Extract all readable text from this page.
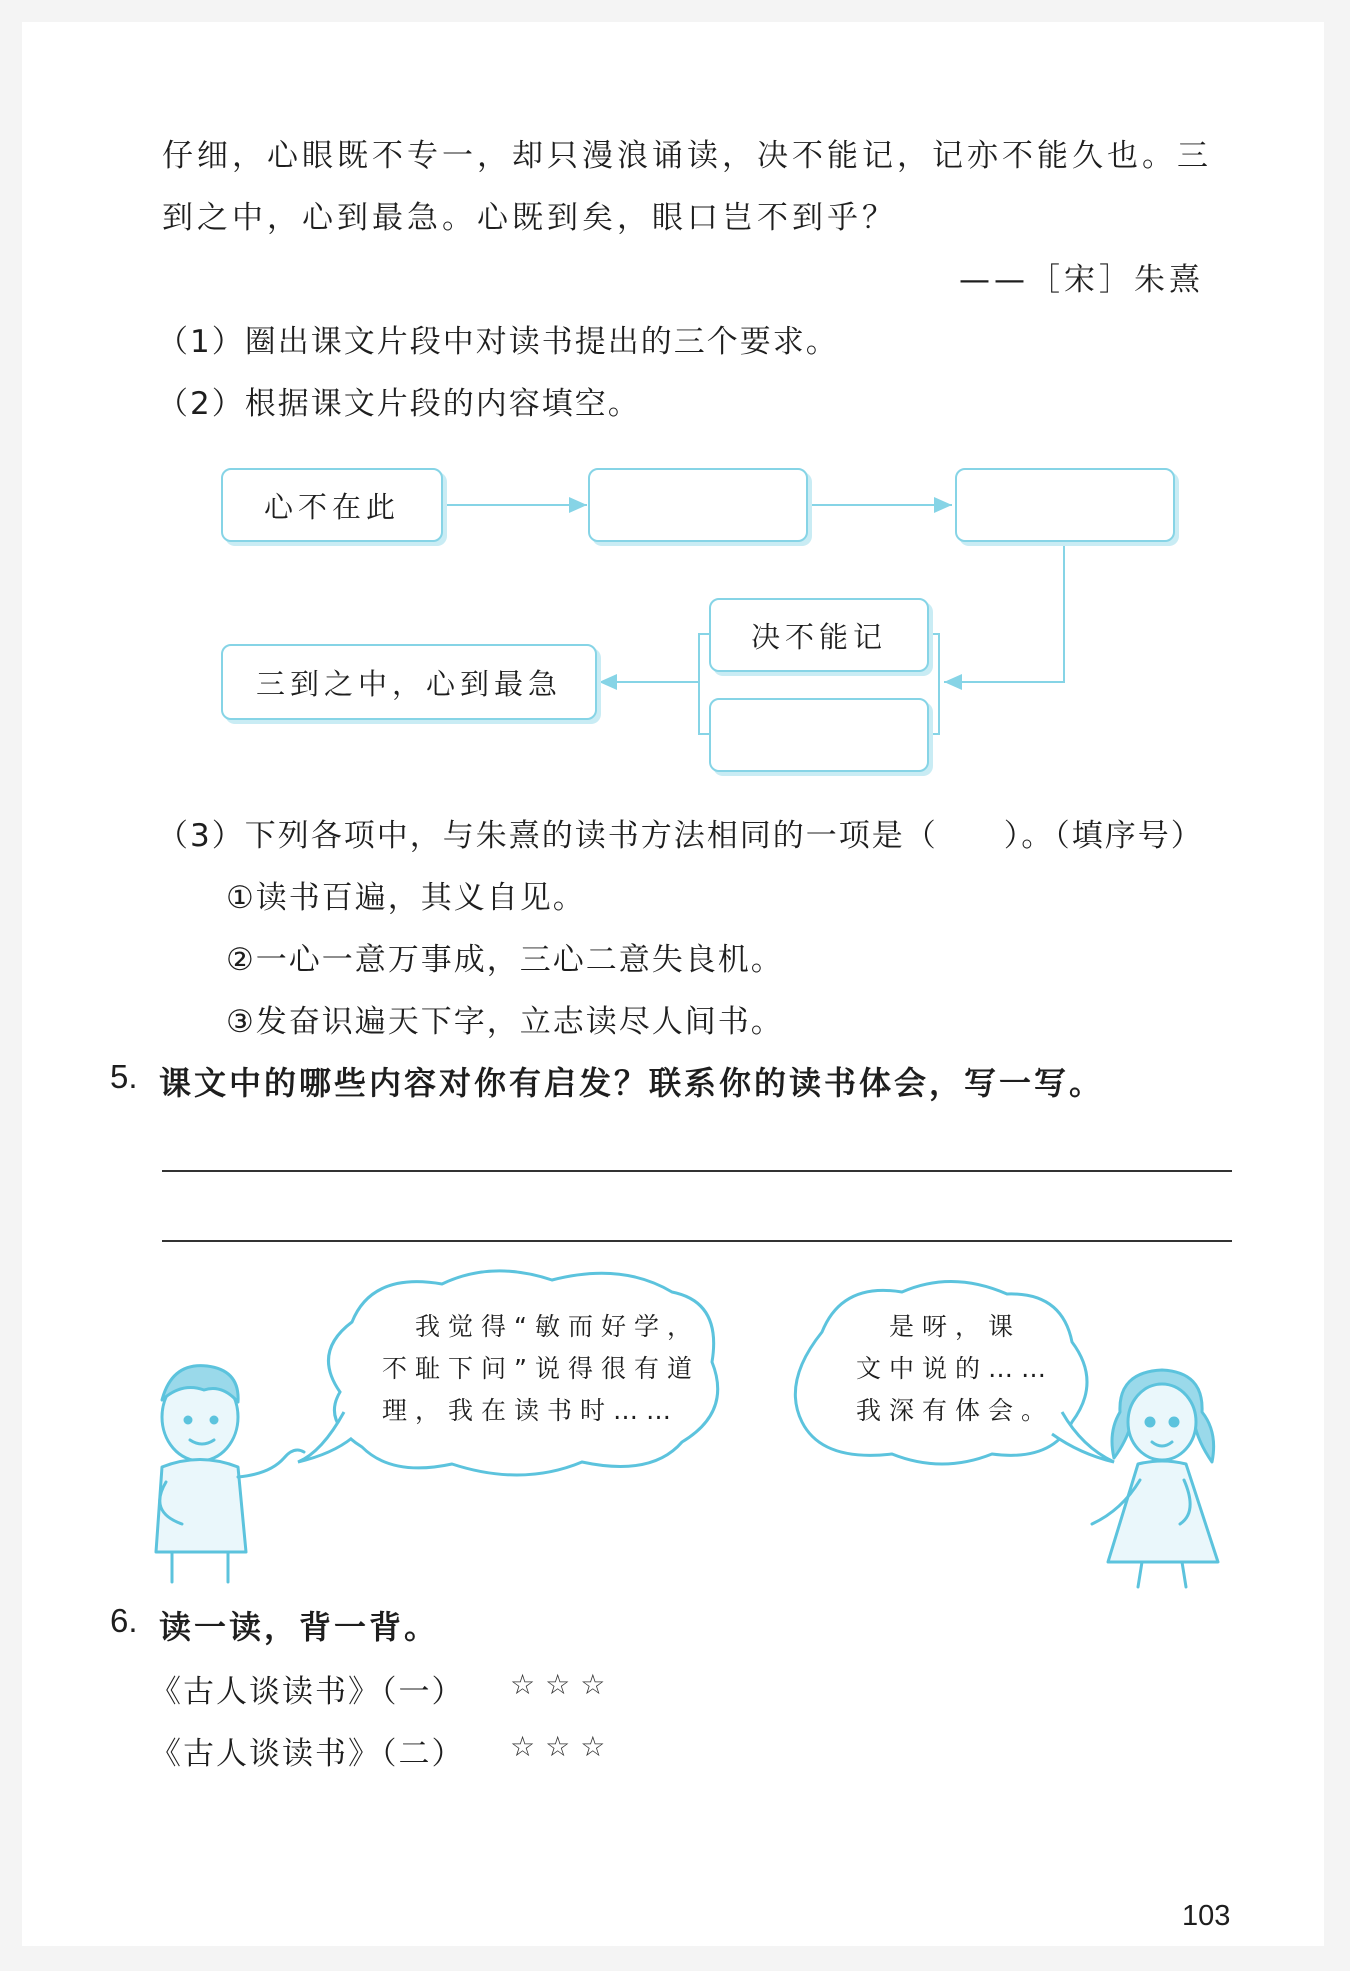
仔细，心眼既不专一，却只漫浪诵读，决不能记，记亦不能久也。三
到之中，心到最急。心既到矣，眼口岂不到乎？
——［宋］朱熹
（1）圈出课文片段中对读书提出的三个要求。
（2）根据课文片段的内容填空。
心不在此
决不能记
三到之中，心到最急
（3）下列各项中，与朱熹的读书方法相同的一项是（　　）。（填序号）
①读书百遍，其义自见。
②一心一意万事成，三心二意失良机。
③发奋识遍天下字，立志读尽人间书。
5. 课文中的哪些内容对你有启发？联系你的读书体会，写一写。
　我觉得“敏而好学，
不耻下问”说得很有道
理，我在读书时……
　是呀，课
文中说的……
我深有体会。
6. 读一读，背一背。
《古人谈读书》（一） ☆☆☆
《古人谈读书》（二） ☆☆☆
103
